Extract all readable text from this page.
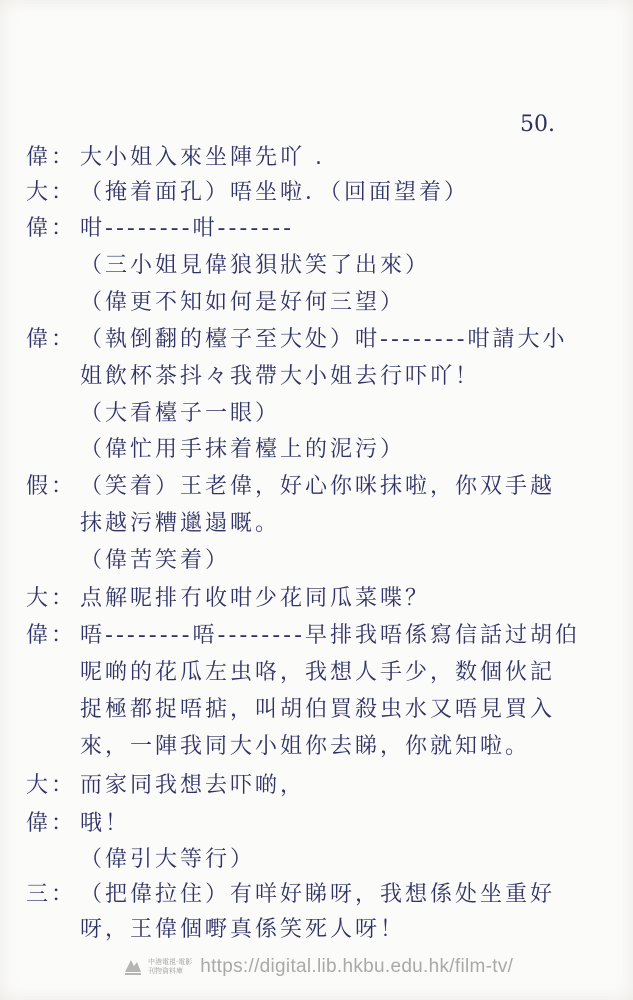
50.
偉： 大小姐入來坐陣先吖 .
大： （掩着面孔）唔坐啦．（回面望着）
偉： 咁--------咁-------
（三小姐見偉狼狽狀笑了出來）
（偉更不知如何是好何三望）
偉： （執倒翻的檯子至大处）咁--------咁請大小
姐飲杯茶抖々我帶大小姐去行吓吖！
（大看檯子一眼）
（偉忙用手抹着檯上的泥污）
假： （笑着）王老偉，好心你咪抹啦，你双手越
抹越污糟邋遢嘅。
（偉苦笑着）
大： 点解呢排冇收咁少花同瓜菜喋？
偉： 唔--------唔--------早排我唔係寫信話过胡伯
呢啲的花瓜左虫咯，我想人手少，数個伙記
捉極都捉唔掂，叫胡伯買殺虫水又唔見買入
來，一陣我同大小姐你去睇，你就知啦。
大： 而家同我想去吓啲，
偉： 哦！
（偉引大等行）
三： （把偉拉住）有咩好睇呀，我想係处坐重好
呀，王偉個嘢真係笑死人呀！
中港電視‧電影
刊物資料庫 https://digital.lib.hkbu.edu.hk/film-tv/
